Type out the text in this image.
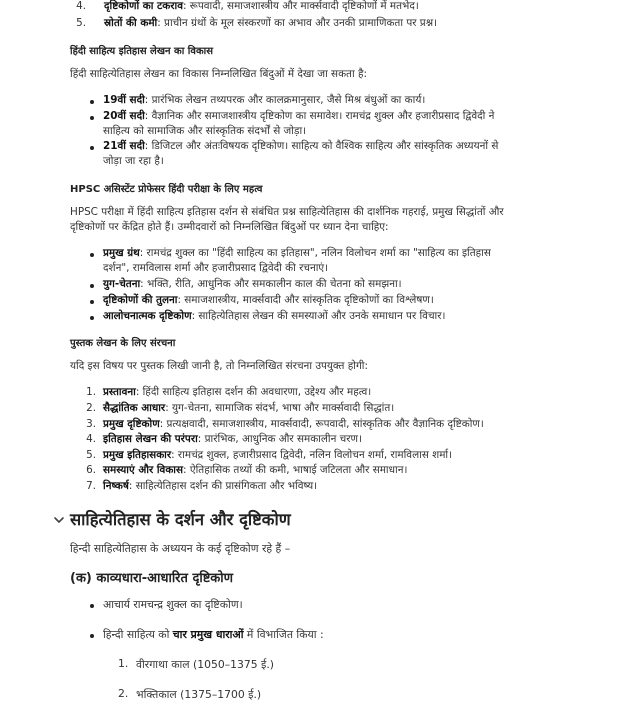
4. दृष्टिकोणों का टकराव: रूपवादी, समाजशास्त्रीय और मार्क्सवादी दृष्टिकोणों में मतभेद।
5. स्रोतों की कमी: प्राचीन ग्रंथों के मूल संस्करणों का अभाव और उनकी प्रामाणिकता पर प्रश्न।
हिंदी साहित्य इतिहास लेखन का विकास
हिंदी साहित्येतिहास लेखन का विकास निम्नलिखित बिंदुओं में देखा जा सकता है:
19वीं सदी: प्रारंभिक लेखन तथ्यपरक और कालक्रमानुसार, जैसे मिश्र बंधुओं का कार्य।
20वीं सदी: वैज्ञानिक और समाजशास्त्रीय दृष्टिकोण का समावेश। रामचंद्र शुक्ल और हजारीप्रसाद द्विवेदी ने
साहित्य को सामाजिक और सांस्कृतिक संदर्भों से जोड़ा।
21वीं सदी: डिजिटल और अंतःविषयक दृष्टिकोण। साहित्य को वैश्विक साहित्य और सांस्कृतिक अध्ययनों से
जोड़ा जा रहा है।
HPSC असिस्टेंट प्रोफेसर हिंदी परीक्षा के लिए महत्व
HPSC परीक्षा में हिंदी साहित्य इतिहास दर्शन से संबंधित प्रश्न साहित्येतिहास की दार्शनिक गहराई, प्रमुख सिद्धांतों और
दृष्टिकोणों पर केंद्रित होते हैं। उम्मीदवारों को निम्नलिखित बिंदुओं पर ध्यान देना चाहिए:
प्रमुख ग्रंथ: रामचंद्र शुक्ल का "हिंदी साहित्य का इतिहास", नलिन विलोचन शर्मा का "साहित्य का इतिहास
दर्शन", रामविलास शर्मा और हजारीप्रसाद द्विवेदी की रचनाएं।
युग-चेतना: भक्ति, रीति, आधुनिक और समकालीन काल की चेतना को समझना।
दृष्टिकोणों की तुलना: समाजशास्त्रीय, मार्क्सवादी और सांस्कृतिक दृष्टिकोणों का विश्लेषण।
आलोचनात्मक दृष्टिकोण: साहित्येतिहास लेखन की समस्याओं और उनके समाधान पर विचार।
पुस्तक लेखन के लिए संरचना
यदि इस विषय पर पुस्तक लिखी जानी है, तो निम्नलिखित संरचना उपयुक्त होगी:
1. प्रस्तावना: हिंदी साहित्य इतिहास दर्शन की अवधारणा, उद्देश्य और महत्व।
2. सैद्धांतिक आधार: युग-चेतना, सामाजिक संदर्भ, भाषा और मार्क्सवादी सिद्धांत।
3. प्रमुख दृष्टिकोण: प्रत्यक्षवादी, समाजशास्त्रीय, मार्क्सवादी, रूपवादी, सांस्कृतिक और वैज्ञानिक दृष्टिकोण।
4. इतिहास लेखन की परंपरा: प्रारंभिक, आधुनिक और समकालीन चरण।
5. प्रमुख इतिहासकार: रामचंद्र शुक्ल, हजारीप्रसाद द्विवेदी, नलिन विलोचन शर्मा, रामविलास शर्मा।
6. समस्याएं और विकास: ऐतिहासिक तथ्यों की कमी, भाषाई जटिलता और समाधान।
7. निष्कर्ष: साहित्येतिहास दर्शन की प्रासंगिकता और भविष्य।
साहित्येतिहास के दर्शन और दृष्टिकोण
हिन्दी साहित्येतिहास के अध्ययन के कई दृष्टिकोण रहे हैं –
(क) काव्यधारा-आधारित दृष्टिकोण
आचार्य रामचन्द्र शुक्ल का दृष्टिकोण।
हिन्दी साहित्य को चार प्रमुख धाराओं में विभाजित किया :
1. वीरगाथा काल (1050–1375 ई.)
2. भक्तिकाल (1375–1700 ई.)
